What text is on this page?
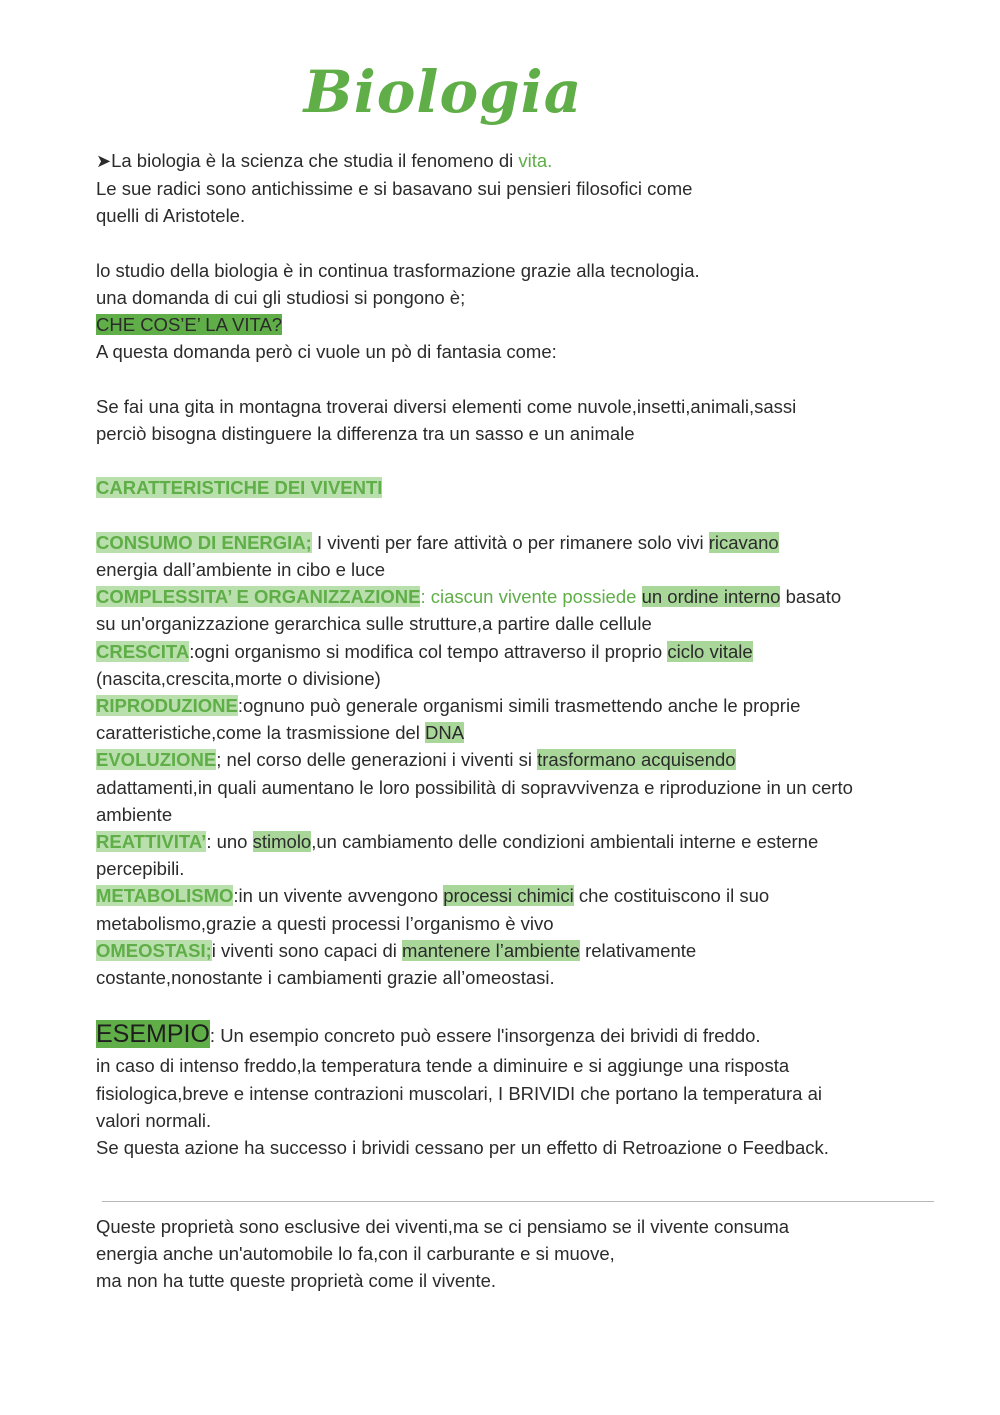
Biologia
➤La biologia è la scienza che studia il fenomeno di vita.
Le sue radici sono antichissime e si basavano sui pensieri filosofici come
quelli di Aristotele.
lo studio della biologia è in continua trasformazione grazie alla tecnologia.
una domanda di cui gli studiosi si pongono è;
CHE COS’E’ LA VITA?
A questa domanda però ci vuole un pò di fantasia come:
Se fai una gita in montagna troverai diversi elementi come nuvole,insetti,animali,sassi
perciò bisogna distinguere la differenza tra un sasso e un animale
CARATTERISTICHE DEI VIVENTI
CONSUMO DI ENERGIA; I viventi per fare attività o per rimanere solo vivi ricavano
energia dall’ambiente in cibo e luce
COMPLESSITA’ E ORGANIZZAZIONE: ciascun vivente possiede un ordine interno basato
su un'organizzazione gerarchica sulle strutture,a partire dalle cellule
CRESCITA:ogni organismo si modifica col tempo attraverso il proprio ciclo vitale
(nascita,crescita,morte o divisione)
RIPRODUZIONE:ognuno può generale organismi simili trasmettendo anche le proprie
caratteristiche,come la trasmissione del DNA
EVOLUZIONE; nel corso delle generazioni i viventi si trasformano acquisendo
adattamenti,in quali aumentano le loro possibilità di sopravvivenza e riproduzione in un certo
ambiente
REATTIVITA’: uno stimolo,un cambiamento delle condizioni ambientali interne e esterne
percepibili.
METABOLISMO:in un vivente avvengono processi chimici che costituiscono il suo
metabolismo,grazie a questi processi l’organismo è vivo
OMEOSTASI;i viventi sono capaci di mantenere l’ambiente relativamente
costante,nonostante i cambiamenti grazie all’omeostasi.
ESEMPIO: Un esempio concreto può essere l'insorgenza dei brividi di freddo.
in caso di intenso freddo,la temperatura tende a diminuire e si aggiunge una risposta
fisiologica,breve e intense contrazioni muscolari, I BRIVIDI che portano la temperatura ai
valori normali.
Se questa azione ha successo i brividi cessano per un effetto di Retroazione o Feedback.
Queste proprietà sono esclusive dei viventi,ma se ci pensiamo se il vivente consuma
energia anche un'automobile lo fa,con il carburante e si muove,
ma non ha tutte queste proprietà come il vivente.
